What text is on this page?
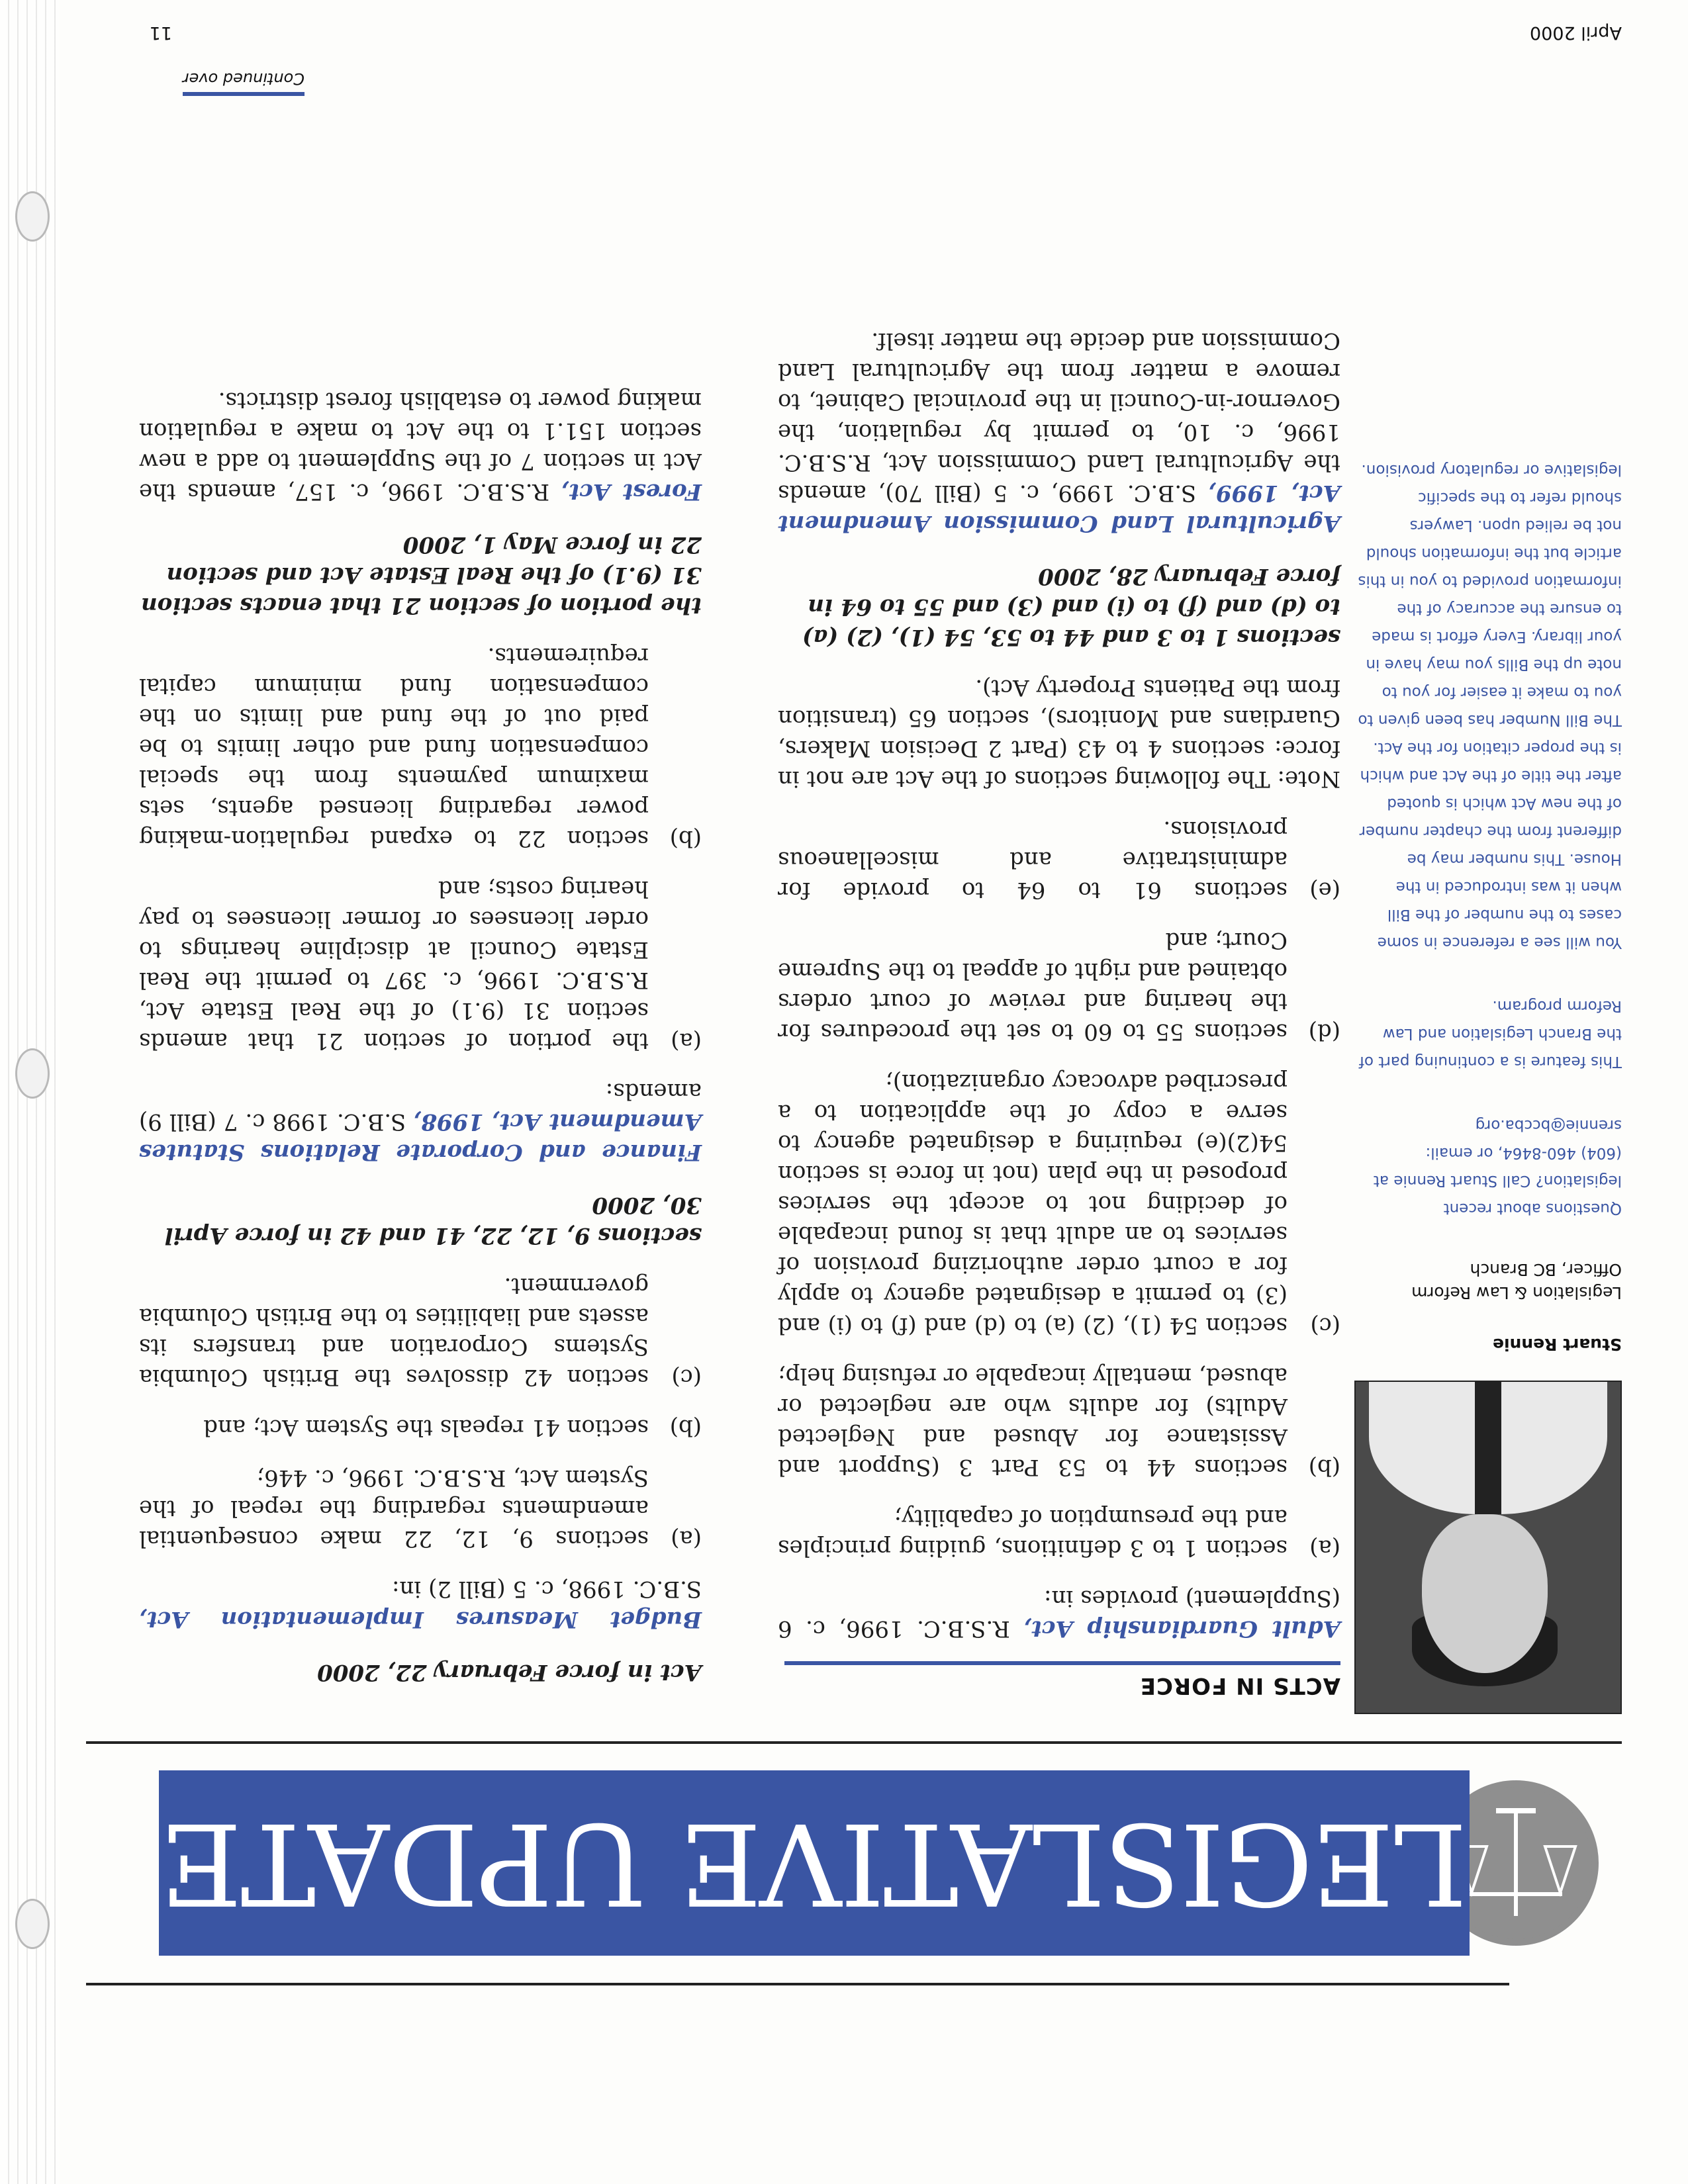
LEGISLATIVE UPDATE
Stuart Rennie
Legislation & Law Reform Officer, BC Branch
Questions about recent legislation? Call Stuart Rennie at (604) 460-8464, or email: srennie@bccba.org
This feature is a continuing part of the Branch Legislation and Law Reform program.
You will see a reference in some cases to the number of the Bill when it was introduced in the House. This number may be different from the chapter number of the new Act which is quoted after the title of the Act and which is the proper citation for the Act. The Bill Number has been given to you to make it easier for you to note up the Bills you may have in your library. Every effort is made to ensure the accuracy of the information provided to you in this article but the information should not be relied upon. Lawyers should refer to the specific legislative or regulatory provision.
ACTS IN FORCE

Adult Guardianship Act, R.S.B.C. 1996, c. 6 (Supplement) provides in:

(a)
section 1 to 3 definitions, guiding principles and the presumption of capability;
(b)
sections 44 to 53 Part 3 (Support and Assistance for Abused and Neglected Adults) for adults who are neglected or abused, mentally incapable or refusing help;
(c)
section 54 (1), (2) (a) to (d) and (f) to (i) and (3) to permit a designated agency to apply for a court order authorizing provision of services to an adult that is found incapable of deciding not to accept the services proposed in the plan (not in force is section 54(2)(e) requiring a designated agency to serve a copy of the application to a prescribed advocacy organization);
(d)
sections 55 to 60 to set the procedures for the hearing and review of court orders obtained and right of appeal to the Supreme Court; and
(e)
sections 61 to 64 to provide for administrative and miscellaneous provisions.

Note: The following sections of the Act are not in force: sections 4 to 43 (Part 2 Decision Makers, Guardians and Monitors), section 65 (transition from the Patients Property Act).

sections 1 to 3 and 44 to 53, 54 (1), (2) (a) to (d) and (f) to (i) and (3) and 55 to 64 in force February 28, 2000

Agricultural Land Commission Amendment Act, 1999, S.B.C. 1999, c. 5 (Bill 70), amends the Agricultural Land Commission Act, R.S.B.C. 1996, c. 10, to permit by regulation, the Governor-in-Council in the provincial Cabinet, to remove a matter from the Agricultural Land Commission and decide the matter itself.

Act in force February 22, 2000

Budget Measures Implementation Act, S.B.C. 1998, c. 5 (Bill 2) in:

(a)
sections 9, 12, 22 make consequential amendments regarding the repeal of the System Act, R.S.B.C. 1996, c. 446;
(b)
section 41 repeals the System Act; and
(c)
section 42 dissolves the British Columbia Systems Corporation and transfers its assets and liabilities to the British Columbia government.

sections 9, 12, 22, 41 and 42 in force April 30, 2000

Finance and Corporate Relations Statutes Amendment Act, 1998, S.B.C. 1998 c. 7 (Bill 9) amends:

(a)
the portion of section 21 that amends section 31 (9.1) of the Real Estate Act, R.S.B.C. 1996, c. 397 to permit the Real Estate Council at discipline hearings to order licensees or former licensees to pay hearing costs; and
(b)
section 22 to expand regulation-making power regarding licensed agents, sets maximum payments from the special compensation fund and other limits to be paid out of the fund and limits on the compensation fund minimum capital requirements.

the portion of section 21 that enacts section 31 (9.1) of the Real Estate Act and section 22 in force May 1, 2000

Forest Act, R.S.B.C. 1996, c. 157, amends the Act in section 7 of the Supplement to add a new section 151.1 to the Act to make a regulation making power to establish forest districts.

Continued over
April 2000
11
